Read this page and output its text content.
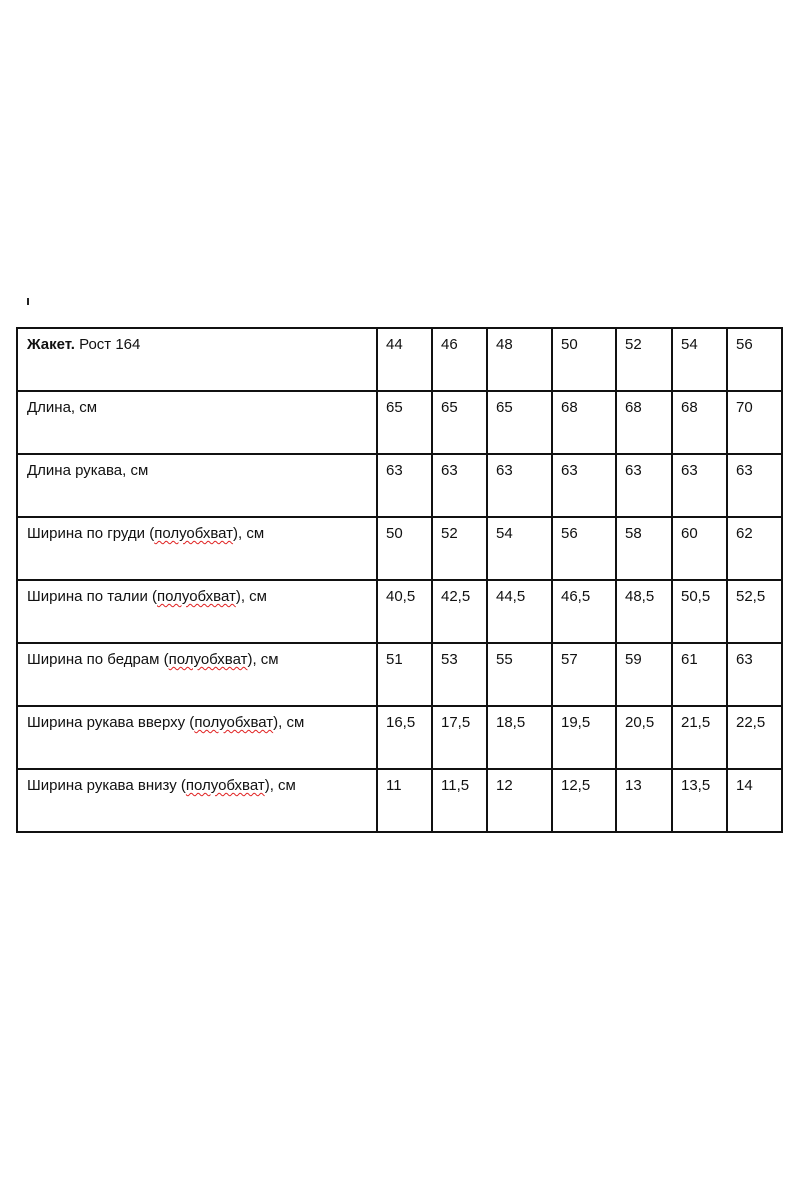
Жакет. Рост 164	44	46	48	50	52	54	56
Длина, см	65	65	65	68	68	68	70
Длина рукава, см	63	63	63	63	63	63	63
Ширина по груди (полуобхват), см	50	52	54	56	58	60	62
Ширина по талии (полуобхват), см	40,5	42,5	44,5	46,5	48,5	50,5	52,5
Ширина по бедрам (полуобхват), см	51	53	55	57	59	61	63
Ширина рукава вверху (полуобхват), см	16,5	17,5	18,5	19,5	20,5	21,5	22,5
Ширина рукава внизу (полуобхват), см	11	11,5	12	12,5	13	13,5	14
